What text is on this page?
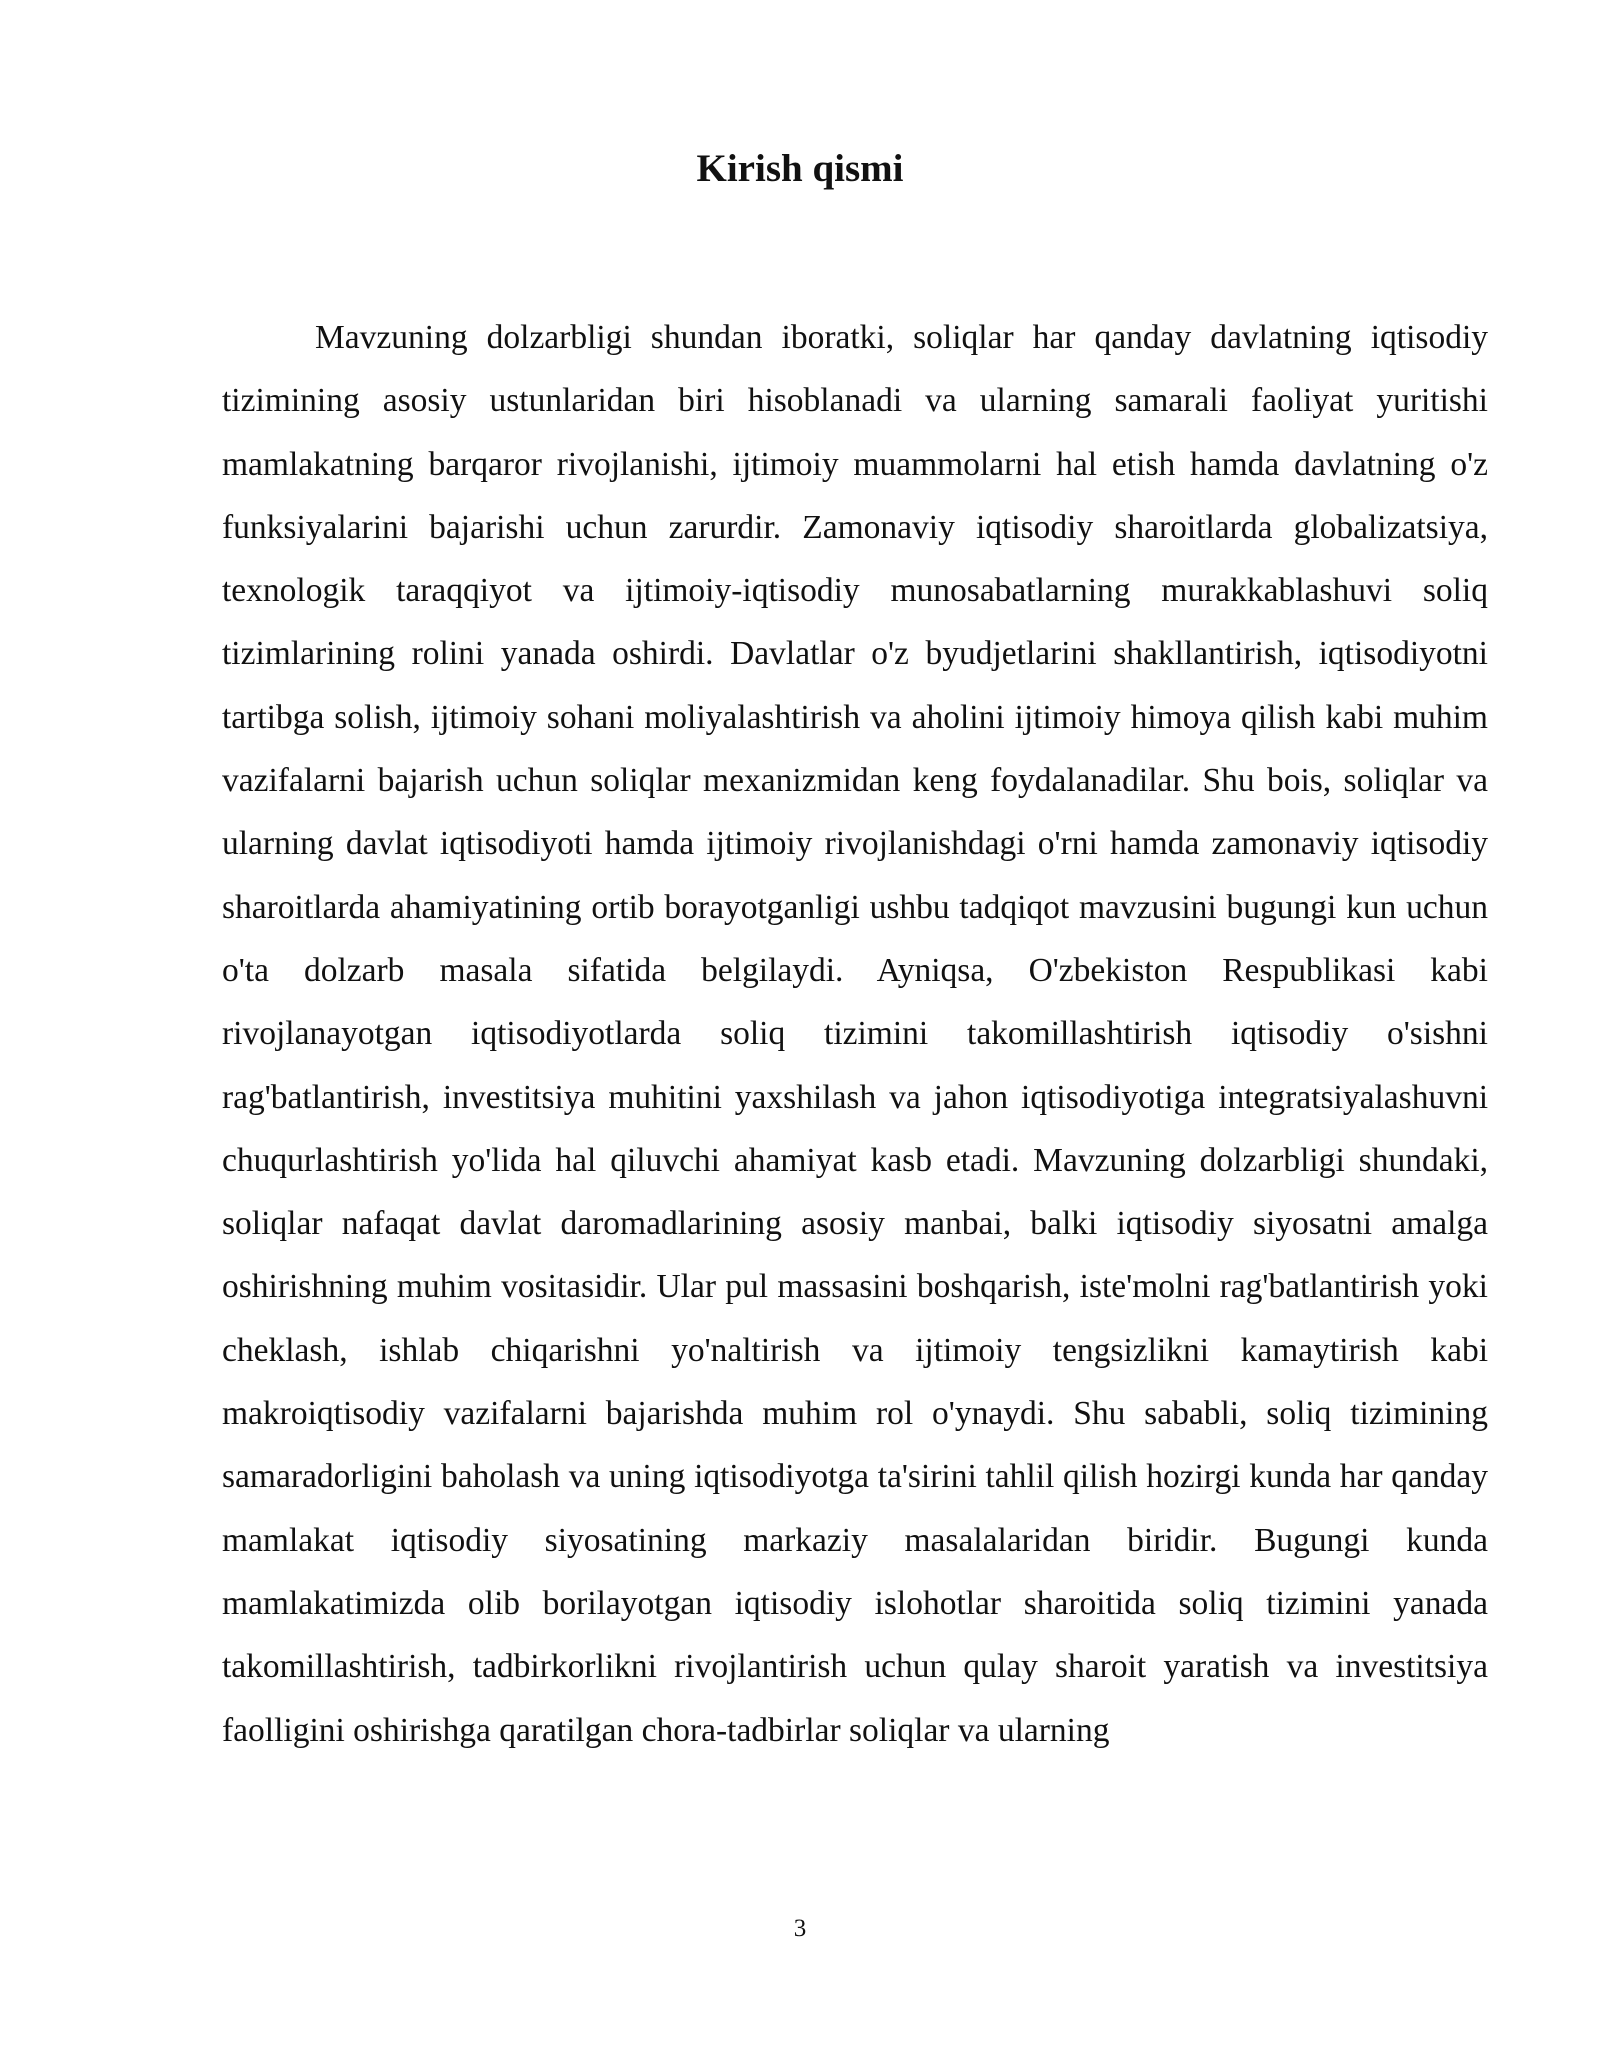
Kirish qismi

Mavzuning dolzarbligi shundan iboratki, soliqlar har qanday davlatning iqtisodiy tizimining asosiy ustunlaridan biri hisoblanadi va ularning samarali faoliyat yuritishi mamlakatning barqaror rivojlanishi, ijtimoiy muammolarni hal etish hamda davlatning o'z funksiyalarini bajarishi uchun zarurdir. Zamonaviy iqtisodiy sharoitlarda globalizatsiya, texnologik taraqqiyot va ijtimoiy-iqtisodiy munosabatlarning murakkablashuvi soliq tizimlarining rolini yanada oshirdi. Davlatlar o'z byudjetlarini shakllantirish, iqtisodiyotni tartibga solish, ijtimoiy sohani moliyalashtirish va aholini ijtimoiy himoya qilish kabi muhim vazifalarni bajarish uchun soliqlar mexanizmidan keng foydalanadilar. Shu bois, soliqlar va ularning davlat iqtisodiyoti hamda ijtimoiy rivojlanishdagi o'rni hamda zamonaviy iqtisodiy sharoitlarda ahamiyatining ortib borayotganligi ushbu tadqiqot mavzusini bugungi kun uchun o'ta dolzarb masala sifatida belgilaydi. Ayniqsa, O'zbekiston Respublikasi kabi rivojlanayotgan iqtisodiyotlarda soliq tizimini takomillashtirish iqtisodiy o'sishni rag'batlantirish, investitsiya muhitini yaxshilash va jahon iqtisodiyotiga integratsiyalashuvni chuqurlashtirish yo'lida hal qiluvchi ahamiyat kasb etadi. Mavzuning dolzarbligi shundaki, soliqlar nafaqat davlat daromadlarining asosiy manbai, balki iqtisodiy siyosatni amalga oshirishning muhim vositasidir. Ular pul massasini boshqarish, iste'molni rag'batlantirish yoki cheklash, ishlab chiqarishni yo'naltirish va ijtimoiy tengsizlikni kamaytirish kabi makroiqtisodiy vazifalarni bajarishda muhim rol o'ynaydi. Shu sababli, soliq tizimining samaradorligini baholash va uning iqtisodiyotga ta'sirini tahlil qilish hozirgi kunda har qanday mamlakat iqtisodiy siyosatining markaziy masalalaridan biridir. Bugungi kunda mamlakatimizda olib borilayotgan iqtisodiy islohotlar sharoitida soliq tizimini yanada takomillashtirish, tadbirkorlikni rivojlantirish uchun qulay sharoit yaratish va investitsiya faolligini oshirishga qaratilgan chora-tadbirlar soliqlar va ularning

3
